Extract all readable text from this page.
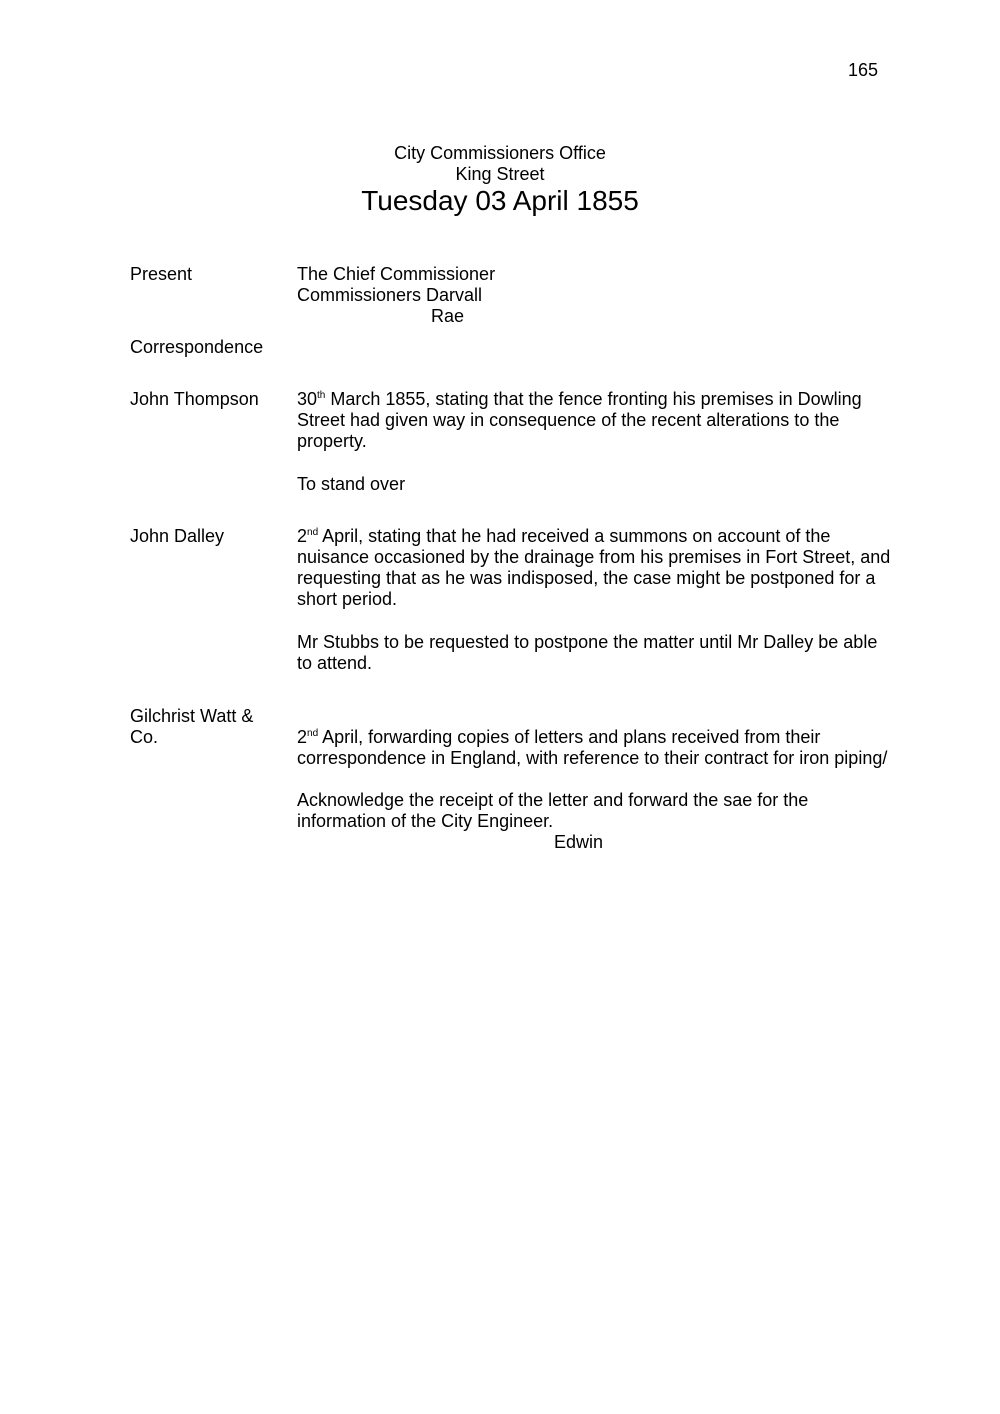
165
City Commissioners Office
King Street
Tuesday 03 April 1855
Present	The Chief Commissioner
Commissioners Darvall
Rae
Correspondence
John Thompson	30th March 1855, stating that the fence fronting his premises in Dowling
Street had given way in consequence of the recent alterations to the
property.
To stand over
John Dalley	2nd April, stating that he had received a summons on account of the
nuisance occasioned by the drainage from his premises in Fort Street, and
requesting that as he was indisposed, the case might be postponed for a
short period.
Mr Stubbs to be requested to postpone the matter until Mr Dalley be able
to attend.
Gilchrist Watt &
Co.	2nd April, forwarding copies of letters and plans received from their
correspondence in England, with reference to their contract for iron piping/
Acknowledge the receipt of the letter and forward the sae for the
information of the City Engineer.
Edwin
